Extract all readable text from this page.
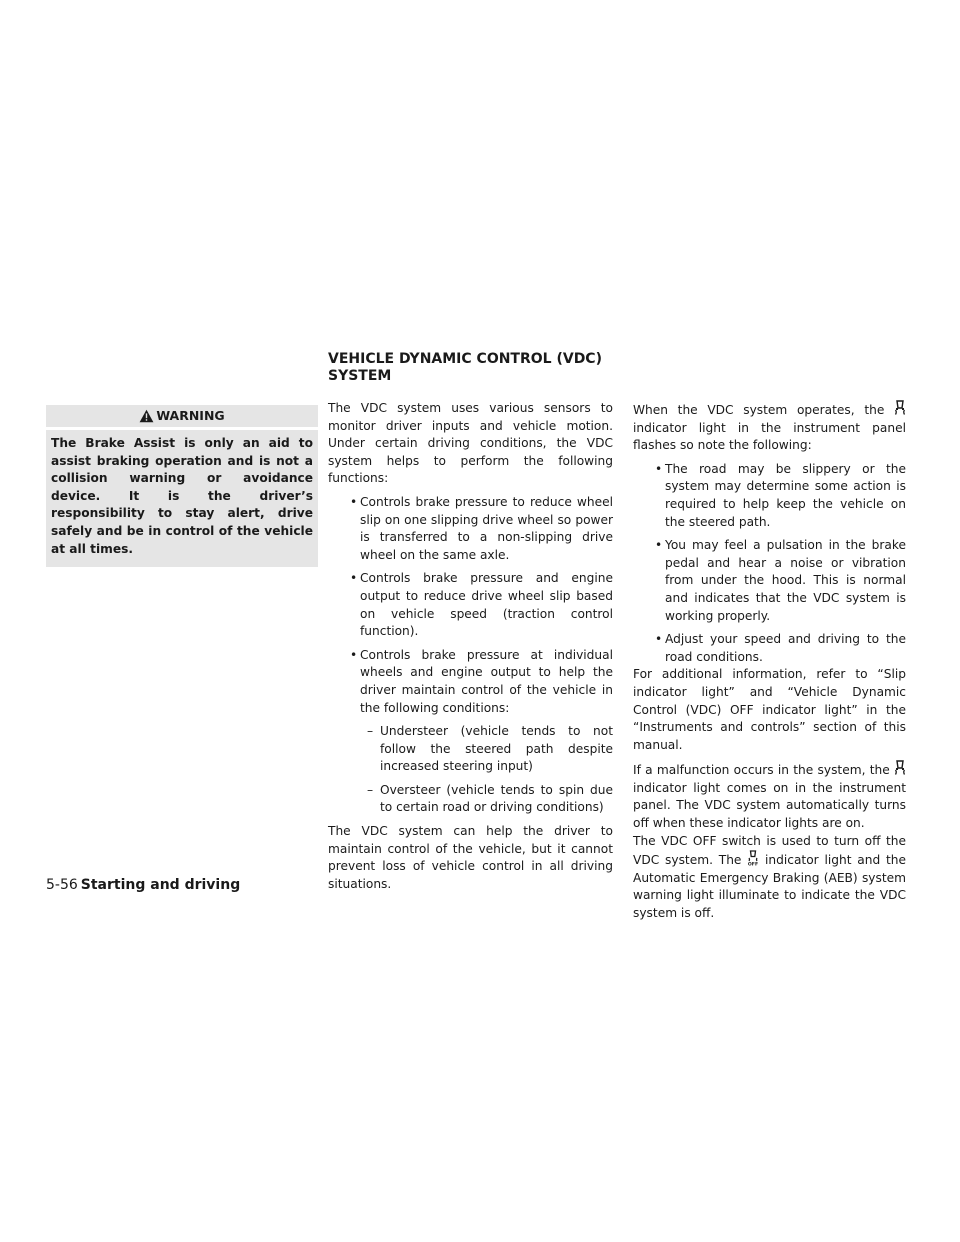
WARNING
The Brake Assist is only an aid to assist braking operation and is not a collision warning or avoidance device. It is the driver’s responsibility to stay alert, drive safely and be in control of the vehicle at all times.
VEHICLE DYNAMIC CONTROL (VDC)
SYSTEM

The VDC system uses various sensors to monitor driver inputs and vehicle motion. Under certain driving conditions, the VDC system helps to perform the following functions:

• Controls brake pressure to reduce wheel slip on one slipping drive wheel so power is transferred to a non-slipping drive wheel on the same axle.
• Controls brake pressure and engine output to reduce drive wheel slip based on vehicle speed (traction control function).
• Controls brake pressure at individual wheels and engine output to help the driver maintain control of the vehicle in the following conditions:
– Understeer (vehicle tends to not follow the steered path despite increased steering input)
– Oversteer (vehicle tends to spin due to certain road or driving conditions)

The VDC system can help the driver to maintain control of the vehicle, but it cannot prevent loss of vehicle control in all driving situations.

When the VDC system operates, the
indicator light in the instrument panel flashes so note the following:

• The road may be slippery or the system may determine some action is required to help keep the vehicle on the steered path.
• You may feel a pulsation in the brake pedal and hear a noise or vibration from under the hood. This is normal and indicates that the VDC system is working properly.
• Adjust your speed and driving to the road conditions.

For additional information, refer to “Slip indicator light” and “Vehicle Dynamic Control (VDC) OFF indicator light” in the “Instruments and controls” section of this manual.

If a malfunction occurs in the system, the
indicator light comes on in the instrument panel. The VDC system automatically turns off when these indicator lights are on.

The VDC OFF switch is used to turn off the VDC system. The OFF indicator light and the Automatic Emergency Braking (AEB) system warning light illuminate to indicate the VDC system is off.

5-56 Starting and driving
